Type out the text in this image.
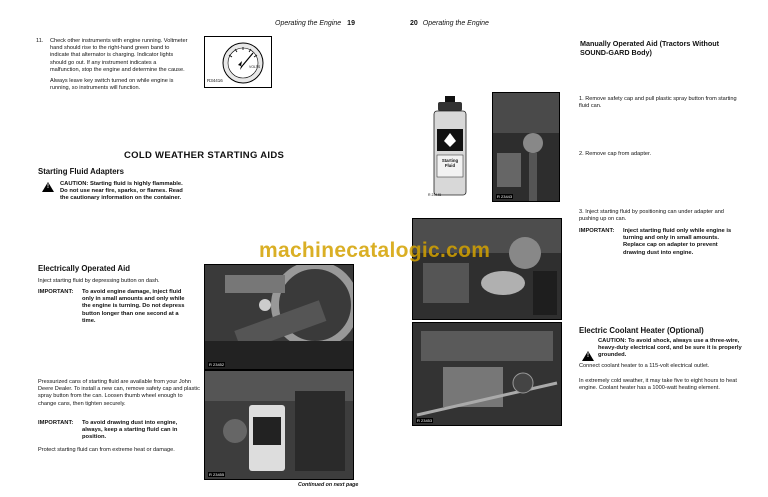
Operating the Engine 19
11. Check other instruments with engine running. Voltmeter hand should rise to the right-hand green band to indicate that alternator is charging. Indicator lights should go out. If any instrument indicates a malfunction, stop the engine and determine the cause.
Always leave key switch turned on while engine is running, so instruments will function.
VOLTS
R34416
COLD WEATHER STARTING AIDS
Starting Fluid Adapters
! CAUTION: Starting fluid is highly flammable. Do not use near fire, sparks, or flames. Read the cautionary information on the container.
Electrically Operated Aid
Inject starting fluid by depressing button on dash.
IMPORTANT: To avoid engine damage, inject fluid only in small amounts and only while the engine is turning. Do not depress button longer than one second at a time.
Pressurized cans of starting fluid are available from your John Deere Dealer. To install a new can, remove safety cap and plastic spray button from the can. Loosen thumb wheel enough to change cans, then tighten securely.
IMPORTANT: To avoid drawing dust into engine, always, keep a starting fluid can in position.
Protect starting fluid can from extreme heat or damage.
R 23452
R 23455
Continued on next page
20 Operating the Engine
Starting Fluid
R 23445	R 23443
Manually Operated Aid (Tractors Without SOUND-GARD Body)
1. Remove safety cap and pull plastic spray button from starting fluid can.
2. Remove cap from adapter.
3. Inject starting fluid by positioning can under adapter and pushing up on can.
IMPORTANT: Inject starting fluid only while engine is turning and only in small amounts. Replace cap on adapter to prevent drawing dust into engine.
R 23453
Electric Coolant Heater (Optional)
!
CAUTION: To avoid shock, always use a three-wire, heavy-duty electrical cord, and be sure it is properly grounded.
Connect coolant heater to a 115-volt electrical outlet.
In extremely cold weather, it may take five to eight hours to heat engine. Coolant heater has a 1000-watt heating element.
machinecatalogic.com
